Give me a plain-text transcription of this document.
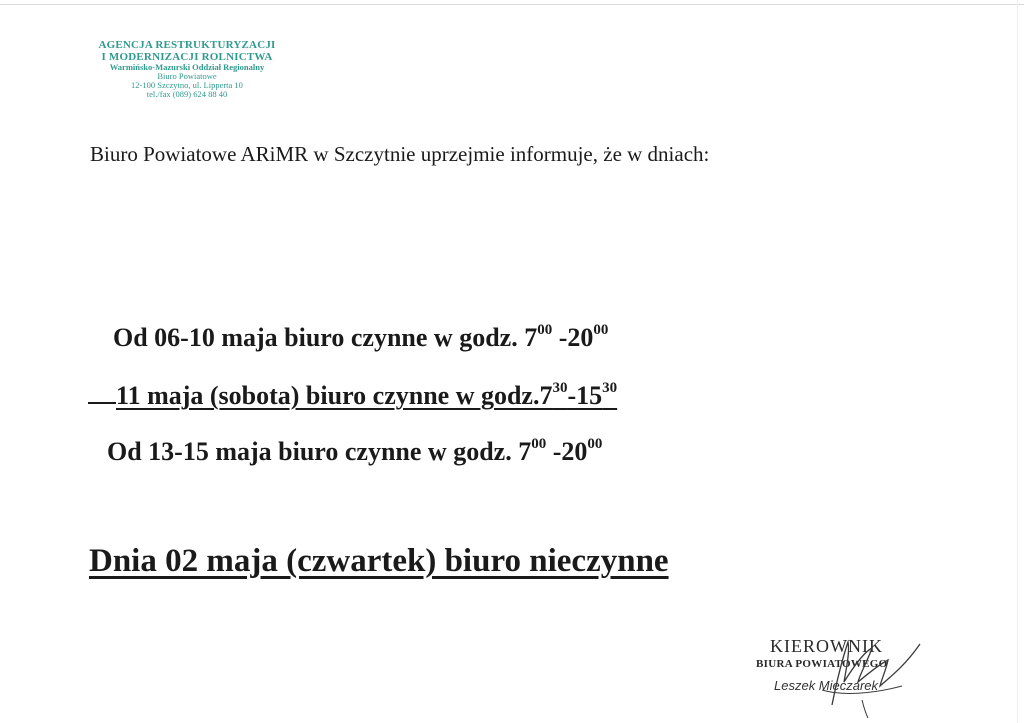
AGENCJA RESTRUKTURYZACJI
I MODERNIZACJI ROLNICTWA
Warmińsko-Mazurski Oddział Regionalny
Biuro Powiatowe
12-100 Szczytno, ul. Lipperta 10
tel./fax (089) 624 88 40
Biuro Powiatowe ARiMR w Szczytnie uprzejmie informuje, że w dniach:
Od 06-10 maja biuro czynne w godz. $7^{00}$ $-20^{00}$
11 maja (sobota) biuro czynne w $godz.7^{30}-15^{30}$
Od 13-15 maja biuro czynne w godz. $7^{00}$ $-20^{00}$
Dnia 02 maja (czwartek) biuro nieczynne
KIEROWNIK
BIURA POWIATOWEGO
Leszek Mieczarek
